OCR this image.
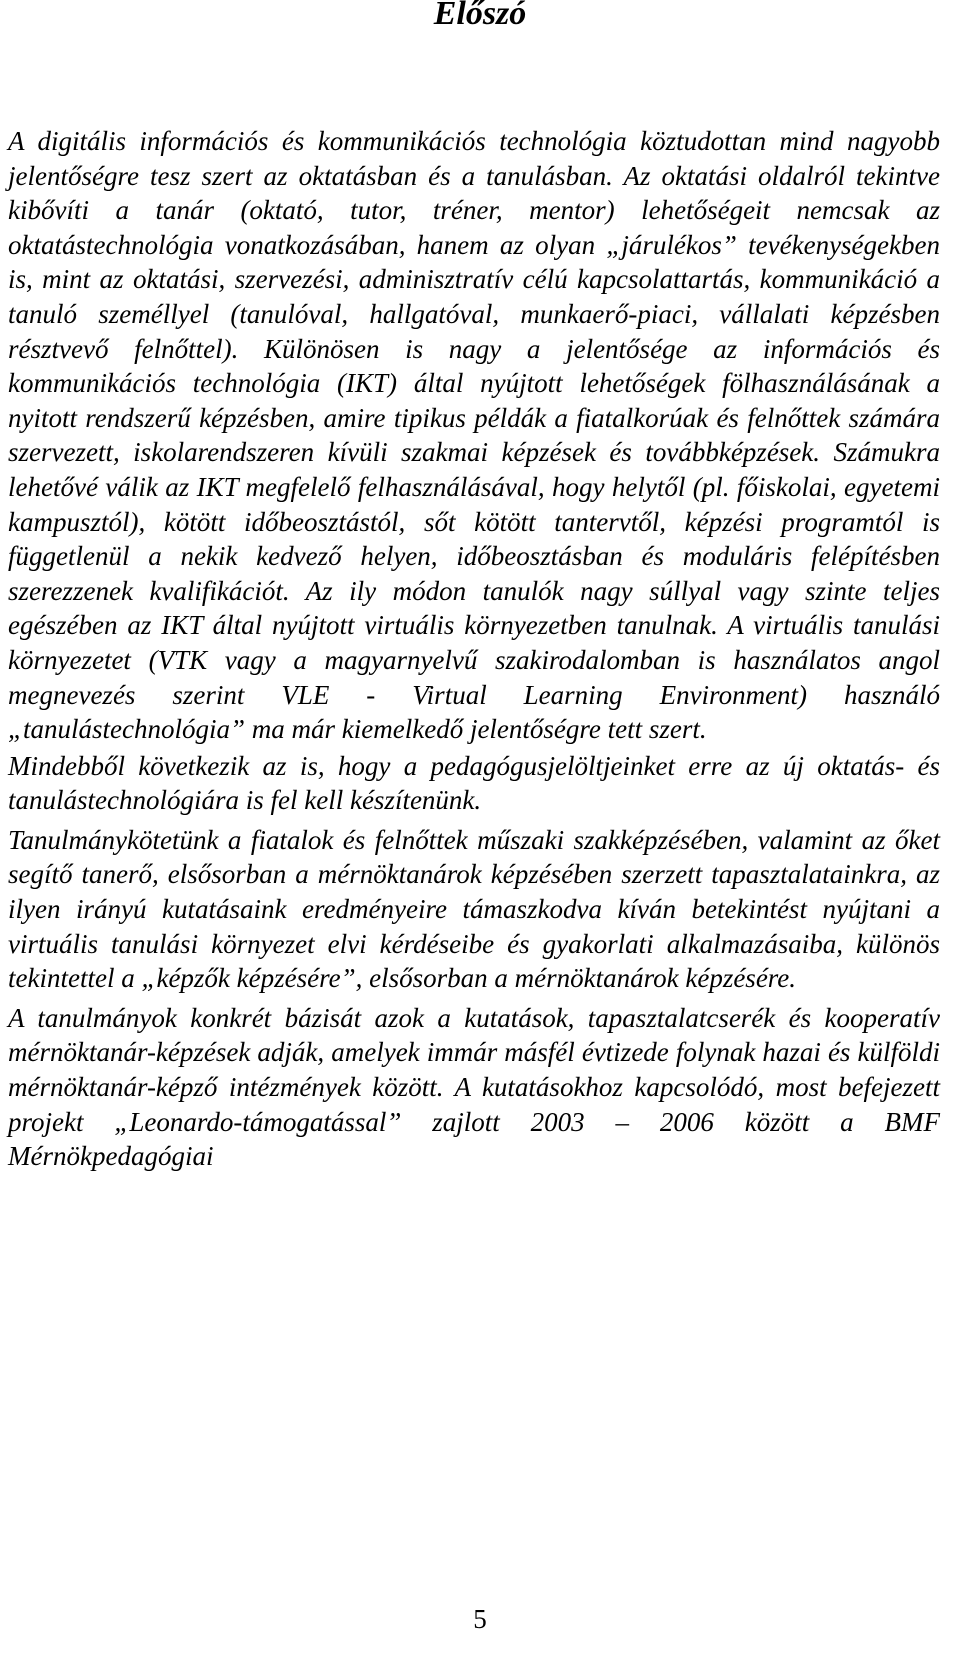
Előszó

A digitális információs és kommunikációs technológia köztudottan mind nagyobb jelentőségre tesz szert az oktatásban és a tanulásban. Az oktatási oldalról tekintve kibővíti a tanár (oktató, tutor, tréner, mentor) lehetőségeit nemcsak az oktatástechnológia vonatkozásában, hanem az olyan „járulékos” tevékenységekben is, mint az oktatási, szervezési, adminisztratív célú kapcsolattartás, kommunikáció a tanuló személlyel (tanulóval, hallgatóval, munkaerő-piaci, vállalati képzésben résztvevő felnőttel). Különösen is nagy a jelentősége az információs és kommunikációs technológia (IKT) által nyújtott lehetőségek fölhasználásának a nyitott rendszerű képzésben, amire tipikus példák a fiatalkorúak és felnőttek számára szervezett, iskolarendszeren kívüli szakmai képzések és továbbképzések. Számukra lehetővé válik az IKT megfelelő felhasználásával, hogy helytől (pl. főiskolai, egyetemi kampusztól), kötött időbeosztástól, sőt kötött tantervtől, képzési programtól is függetlenül a nekik kedvező helyen, időbeosztásban és moduláris felépítésben szerezzenek kvalifikációt. Az ily módon tanulók nagy súllyal vagy szinte teljes egészében az IKT által nyújtott virtuális környezetben tanulnak. A virtuális tanulási környezetet (VTK vagy a magyarnyelvű szakirodalomban is használatos angol megnevezés szerint VLE - Virtual Learning Environment) használó „tanulástechnológia” ma már kiemelkedő jelentőségre tett szert.

Mindebből következik az is, hogy a pedagógusjelöltjeinket erre az új oktatás- és tanulástechnológiára is fel kell készítenünk.

Tanulmánykötetünk a fiatalok és felnőttek műszaki szakképzésében, valamint az őket segítő tanerő, elsősorban a mérnöktanárok képzésében szerzett tapasztalatainkra, az ilyen irányú kutatásaink eredményeire támaszkodva kíván betekintést nyújtani a virtuális tanulási környezet elvi kérdéseibe és gyakorlati alkalmazásaiba, különös tekintettel a „képzők képzésére”, elsősorban a mérnöktanárok képzésére.

A tanulmányok konkrét bázisát azok a kutatások, tapasztalatcserék és kooperatív mérnöktanár-képzések adják, amelyek immár másfél évtizede folynak hazai és külföldi mérnöktanár-képző intézmények között. A kutatásokhoz kapcsolódó, most befejezett projekt „Leonardo-támogatással” zajlott 2003 – 2006 között a BMF Mérnökpedagógiai

5
